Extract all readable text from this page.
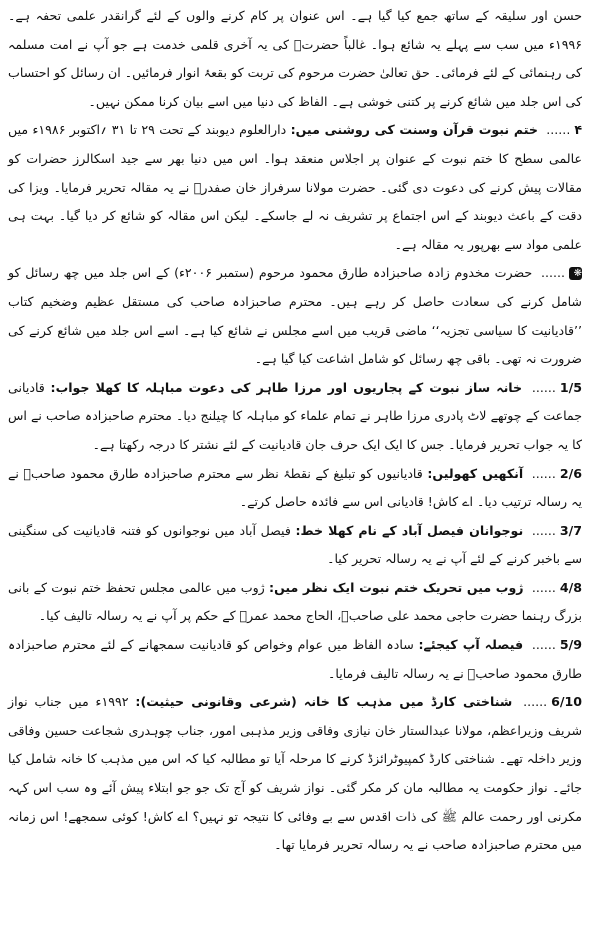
حسن اور سلیقہ کے ساتھ جمع کیا گیا ہے۔ اس عنوان پر کام کرنے والوں کے لئے گرانقدر علمی تحفہ ہے۔ ۱۹۹۶ء میں سب سے پہلے یہ شائع ہوا۔ غالباً حضرتؒ کی یہ آخری قلمی خدمت ہے جو آپ نے امت مسلمہ کی رہنمائی کے لئے فرمائی۔ حق تعالیٰ حضرت مرحوم کی تربت کو بقعۂ انوار فرمائیں۔ ان رسائل کو احتساب کی اس جلد میں شائع کرنے پر کتنی خوشی ہے۔ الفاظ کی دنیا میں اسے بیان کرنا ممکن نہیں۔

۴...... ختم نبوت قرآن وسنت کی روشنی میں: دارالعلوم دیوبند کے تحت ۲۹ تا ۳۱ ؍اکتوبر ۱۹۸۶ء میں عالمی سطح کا ختم نبوت کے عنوان پر اجلاس منعقد ہوا۔ اس میں دنیا بھر سے جید اسکالرز حضرات کو مقالات پیش کرنے کی دعوت دی گئی۔ حضرت مولانا سرفراز خان صفدرؒ نے یہ مقالہ تحریر فرمایا۔ ویزا کی دقت کے باعث دیوبند کے اس اجتماع پر تشریف نہ لے جاسکے۔ لیکن اس مقالہ کو شائع کر دیا گیا۔ بہت ہی علمی مواد سے بھرپور یہ مقالہ ہے۔

❋...... حضرت مخدوم زادہ صاحبزادہ طارق محمود مرحوم (ستمبر ۲۰۰۶ء) کے اس جلد میں چھ رسائل کو شامل کرنے کی سعادت حاصل کر رہے ہیں۔ محترم صاحبزادہ صاحب کی مستقل عظیم وضخیم کتاب ’’قادیانیت کا سیاسی تجزیہ‘‘ ماضی قریب میں اسے مجلس نے شائع کیا ہے۔ اسے اس جلد میں شائع کرنے کی ضرورت نہ تھی۔ باقی چھ رسائل کو شامل اشاعت کیا گیا ہے۔

1/5...... خانہ ساز نبوت کے پجاریوں اور مرزا طاہر کی دعوت مباہلہ کا کھلا جواب: قادیانی جماعت کے چوتھے لاٹ پادری مرزا طاہر نے تمام علماء کو مباہلہ کا چیلنج دیا۔ محترم صاحبزادہ صاحب نے اس کا یہ جواب تحریر فرمایا۔ جس کا ایک ایک حرف جان قادیانیت کے لئے نشتر کا درجہ رکھتا ہے۔

2/6...... آنکھیں کھولیں: قادیانیوں کو تبلیغ کے نقطۂ نظر سے محترم صاحبزادہ طارق محمود صاحبؒ نے یہ رسالہ ترتیب دیا۔ اے کاش! قادیانی اس سے فائدہ حاصل کرتے۔

3/7...... نوجوانان فیصل آباد کے نام کھلا خط: فیصل آباد میں نوجوانوں کو فتنہ قادیانیت کی سنگینی سے باخبر کرنے کے لئے آپ نے یہ رسالہ تحریر کیا۔

4/8...... ژوب میں تحریک ختم نبوت ایک نظر میں: ژوب میں عالمی مجلس تحفظ ختم نبوت کے بانی بزرگ رہنما حضرت حاجی محمد علی صاحبؒ، الحاج محمد عمرؒ کے حکم پر آپ نے یہ رسالہ تالیف کیا۔

5/9...... فیصلہ آپ کیجئے: سادہ الفاظ میں عوام وخواص کو قادیانیت سمجھانے کے لئے محترم صاحبزادہ طارق محمود صاحبؒ نے یہ رسالہ تالیف فرمایا۔

6/10...... شناختی کارڈ میں مذہب کا خانہ (شرعی وقانونی حیثیت): ۱۹۹۲ء میں جناب نواز شریف وزیراعظم، مولانا عبدالستار خان نیازی وفاقی وزیر مذہبی امور، جناب چوہدری شجاعت حسین وفاقی وزیر داخلہ تھے۔ شناختی کارڈ کمپیوٹرائزڈ کرنے کا مرحلہ آیا تو مطالبہ کیا کہ اس میں مذہب کا خانہ شامل کیا جائے۔ نواز حکومت یہ مطالبہ مان کر مکر گئی۔ نواز شریف کو آج تک جو جو ابتلاء پیش آئے وہ سب اس کہہ مکرنی اور رحمت عالم ﷺ کی ذات اقدس سے بے وفائی کا نتیجہ تو نہیں؟ اے کاش! کوئی سمجھے! اس زمانہ میں محترم صاحبزادہ صاحب نے یہ رسالہ تحریر فرمایا تھا۔
